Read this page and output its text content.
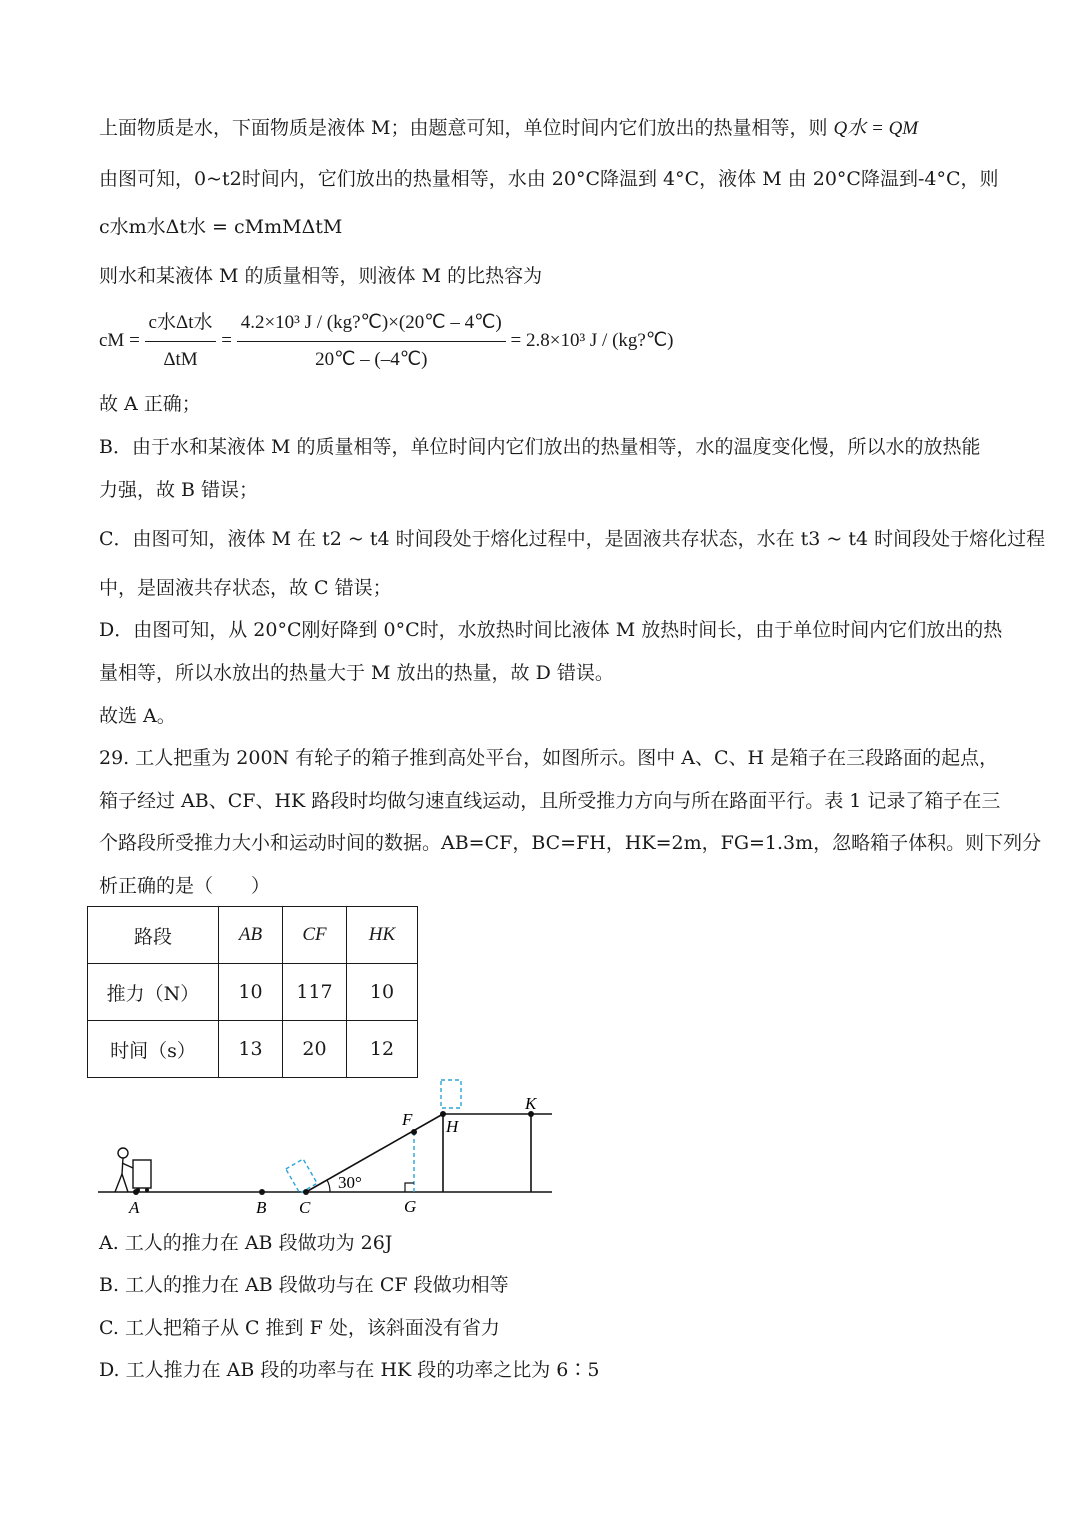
上面物质是水，下面物质是液体 M；由题意可知，单位时间内它们放出的热量相等，则 Q水 = QM
由图可知，0~t2时间内，它们放出的热量相等，水由 20°C降温到 4°C，液体 M 由 20°C降温到-4°C，则
c水m水Δt水 = cMmMΔtM
则水和某液体 M 的质量相等，则液体 M 的比热容为
cM = $\frac{\text{c水Δt水}}{\text{ΔtM}} = \frac{\text{4.2×10³ J / (kg?℃)×(20℃ – 4℃)}}{20℃ - (-4℃)} = 2.8\times 10^3$ J / (kg?℃)
故 A 正确；
B．由于水和某液体 M 的质量相等，单位时间内它们放出的热量相等，水的温度变化慢，所以水的放热能
力强，故 B 错误；
C．由图可知，液体 M 在 t2 ~ t4 时间段处于熔化过程中，是固液共存状态，水在 t3 ~ t4 时间段处于熔化过程
中，是固液共存状态，故 C 错误；
D．由图可知，从 20°C刚好降到 0°C时，水放热时间比液体 M 放热时间长，由于单位时间内它们放出的热
量相等，所以水放出的热量大于 M 放出的热量，故 D 错误。
故选 A。
29. 工人把重为 200N 有轮子的箱子推到高处平台，如图所示。图中 A、C、H 是箱子在三段路面的起点，
箱子经过 AB、CF、HK 路段时均做匀速直线运动，且所受推力方向与所在路面平行。表 1 记录了箱子在三
个路段所受推力大小和运动时间的数据。AB=CF，BC=FH，HK=2m，FG=1.3m，忽略箱子体积。则下列分
析正确的是（　　）
路段	AB	CF	HK
推力（N）	10	117	10
时间（s）	13	20	12
A	B C
F
G
H
K
30°
A. 工人的推力在 AB 段做功为 26J
B. 工人的推力在 AB 段做功与在 CF 段做功相等
C. 工人把箱子从 C 推到 F 处，该斜面没有省力
D. 工人推力在 AB 段的功率与在 HK 段的功率之比为 6∶5
